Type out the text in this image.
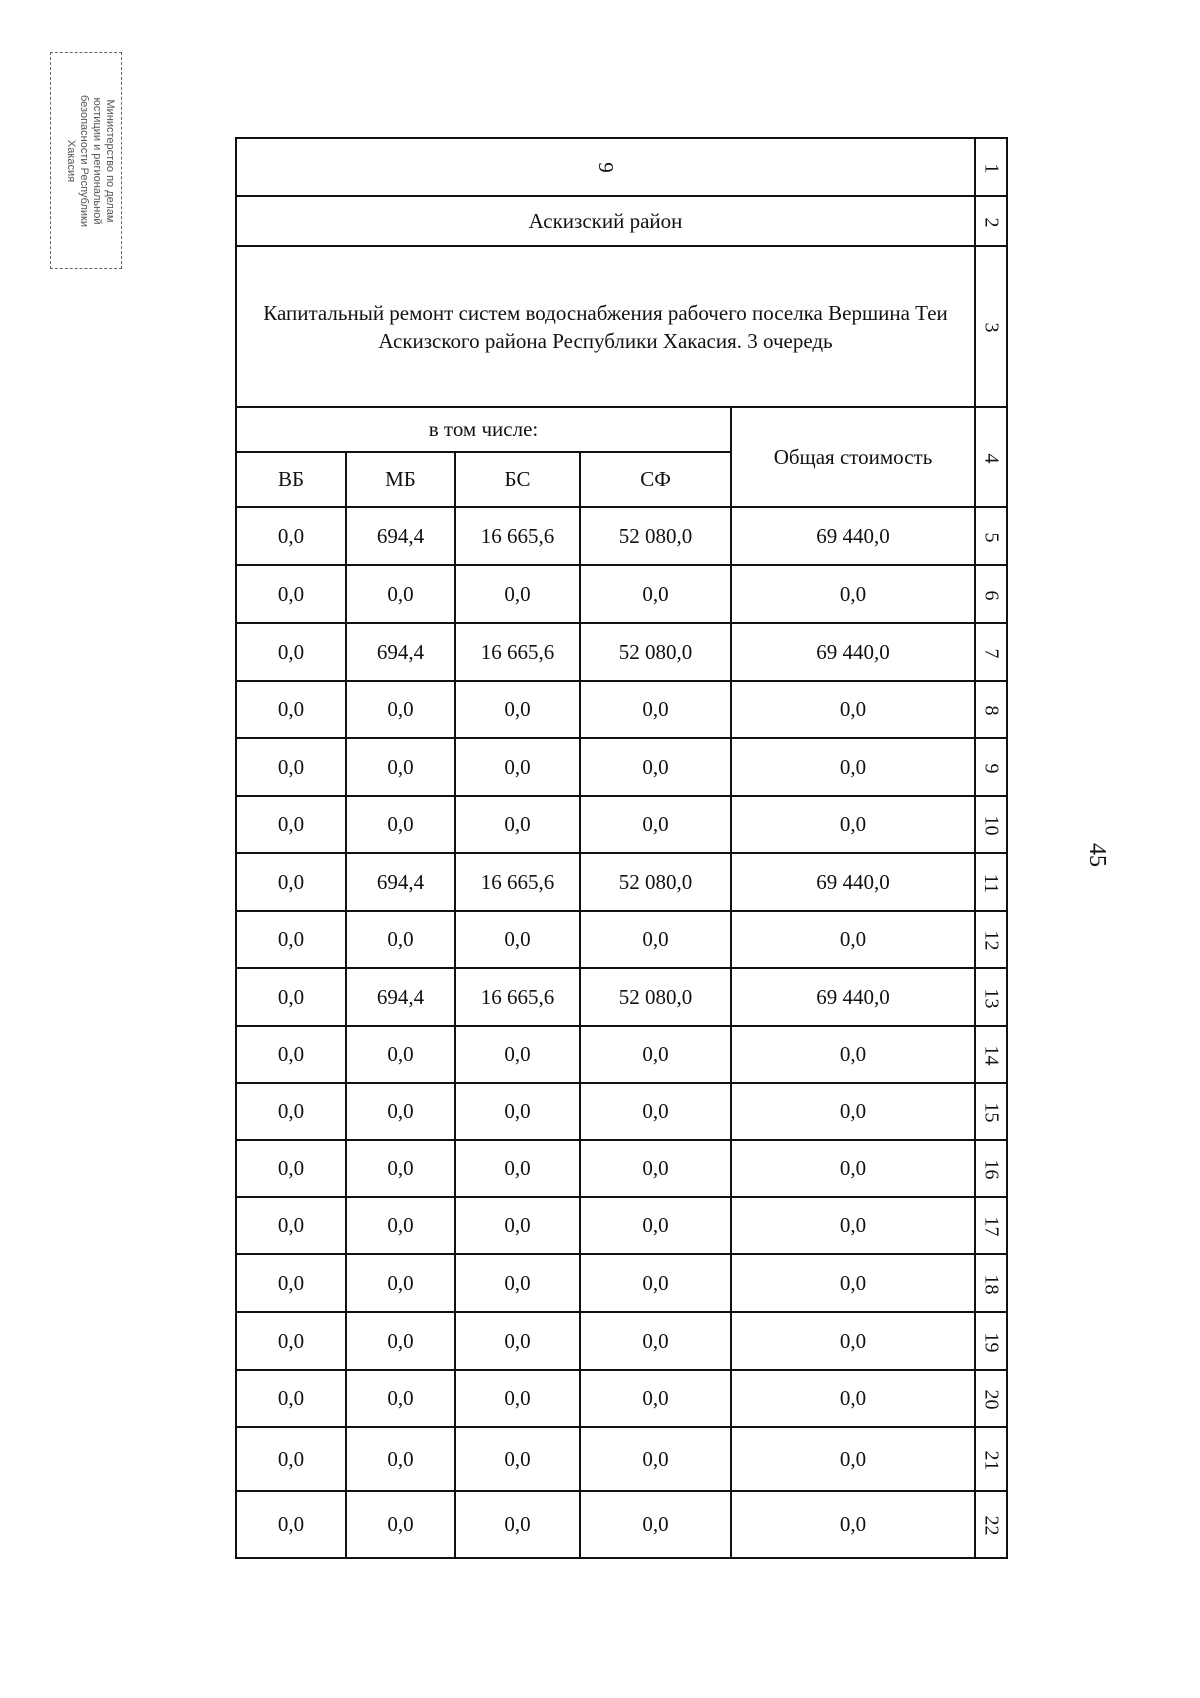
Министерство по делам
юстиции и региональной
безопасности Республики
Хакасия
45
9					1
Аскизский район					2
Капитальный ремонт систем водоснабжения рабочего поселка Вершина Теи Аскизского района Республики Хакасия. 3 очередь					3
в том числе:				Общая стоимость	4
ВБ	МБ	БС	СФ		
0,0	694,4	16 665,6	52 080,0	69 440,0	5
0,0	0,0	0,0	0,0	0,0	6
0,0	694,4	16 665,6	52 080,0	69 440,0	7
0,0	0,0	0,0	0,0	0,0	8
0,0	0,0	0,0	0,0	0,0	9
0,0	0,0	0,0	0,0	0,0	10
0,0	694,4	16 665,6	52 080,0	69 440,0	11
0,0	0,0	0,0	0,0	0,0	12
0,0	694,4	16 665,6	52 080,0	69 440,0	13
0,0	0,0	0,0	0,0	0,0	14
0,0	0,0	0,0	0,0	0,0	15
0,0	0,0	0,0	0,0	0,0	16
0,0	0,0	0,0	0,0	0,0	17
0,0	0,0	0,0	0,0	0,0	18
0,0	0,0	0,0	0,0	0,0	19
0,0	0,0	0,0	0,0	0,0	20
0,0	0,0	0,0	0,0	0,0	21
0,0	0,0	0,0	0,0	0,0	22
